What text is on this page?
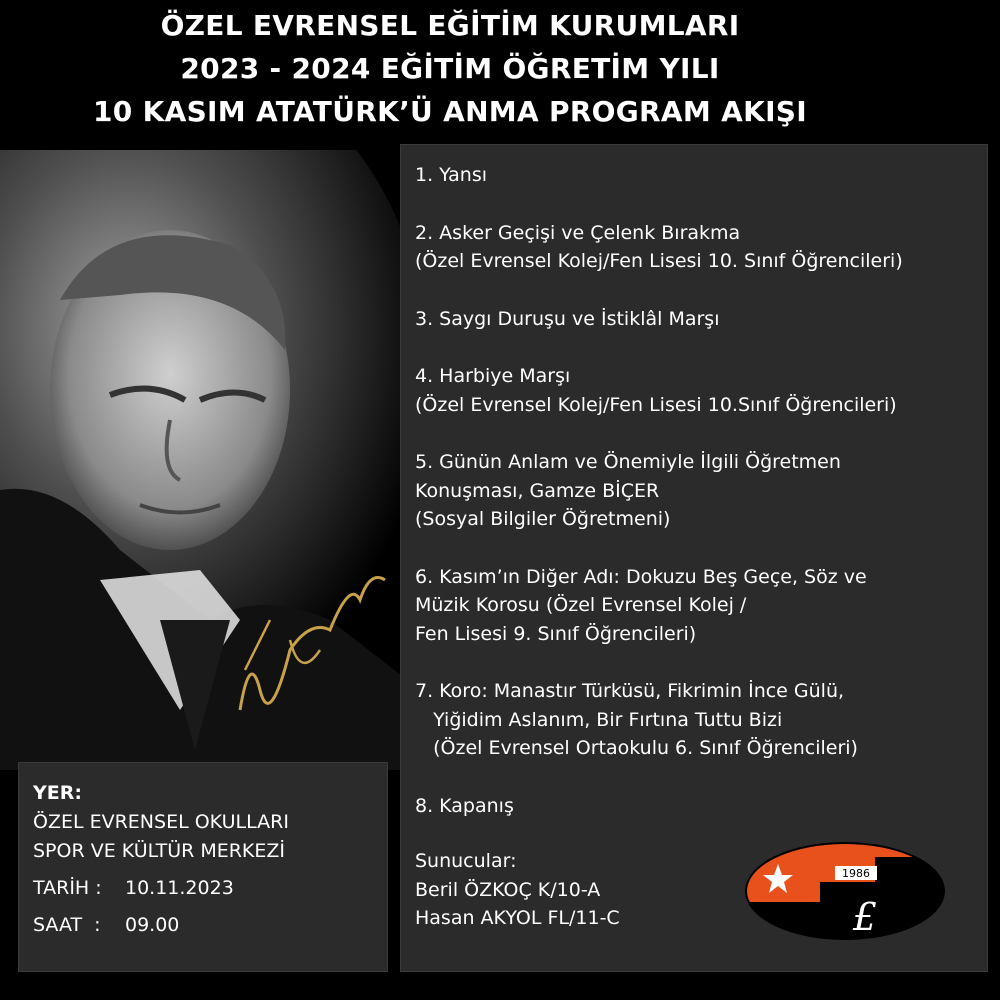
ÖZEL EVRENSEL EĞİTİM KURUMLARI
2023 - 2024 EĞİTİM ÖĞRETİM YILI
10 KASIM ATATÜRK’Ü ANMA PROGRAM AKIŞI
1. Yansı
2. Asker Geçişi ve Çelenk Bırakma
(Özel Evrensel Kolej/Fen Lisesi 10. Sınıf Öğrencileri)
3. Saygı Duruşu ve İstiklâl Marşı
4. Harbiye Marşı
(Özel Evrensel Kolej/Fen Lisesi 10.Sınıf Öğrencileri)
5. Günün Anlam ve Önemiyle İlgili Öğretmen
Konuşması, Gamze BİÇER
(Sosyal Bilgiler Öğretmeni)
6. Kasım’ın Diğer Adı: Dokuzu Beş Geçe, Söz ve
Müzik Korosu (Özel Evrensel Kolej /
Fen Lisesi 9. Sınıf Öğrencileri)
7. Koro: Manastır Türküsü, Fikrimin İnce Gülü,
Yiğidim Aslanım, Bir Fırtına Tuttu Bizi
(Özel Evrensel Ortaokulu 6. Sınıf Öğrencileri)
8. Kapanış
Sunucular:
Beril ÖZKOÇ K/10-A
Hasan AKYOL FL/11-C
YER:
ÖZEL EVRENSEL OKULLARI
SPOR VE KÜLTÜR MERKEZİ
TARİH :	10.11.2023
SAAT  :	09.00
1986
£
